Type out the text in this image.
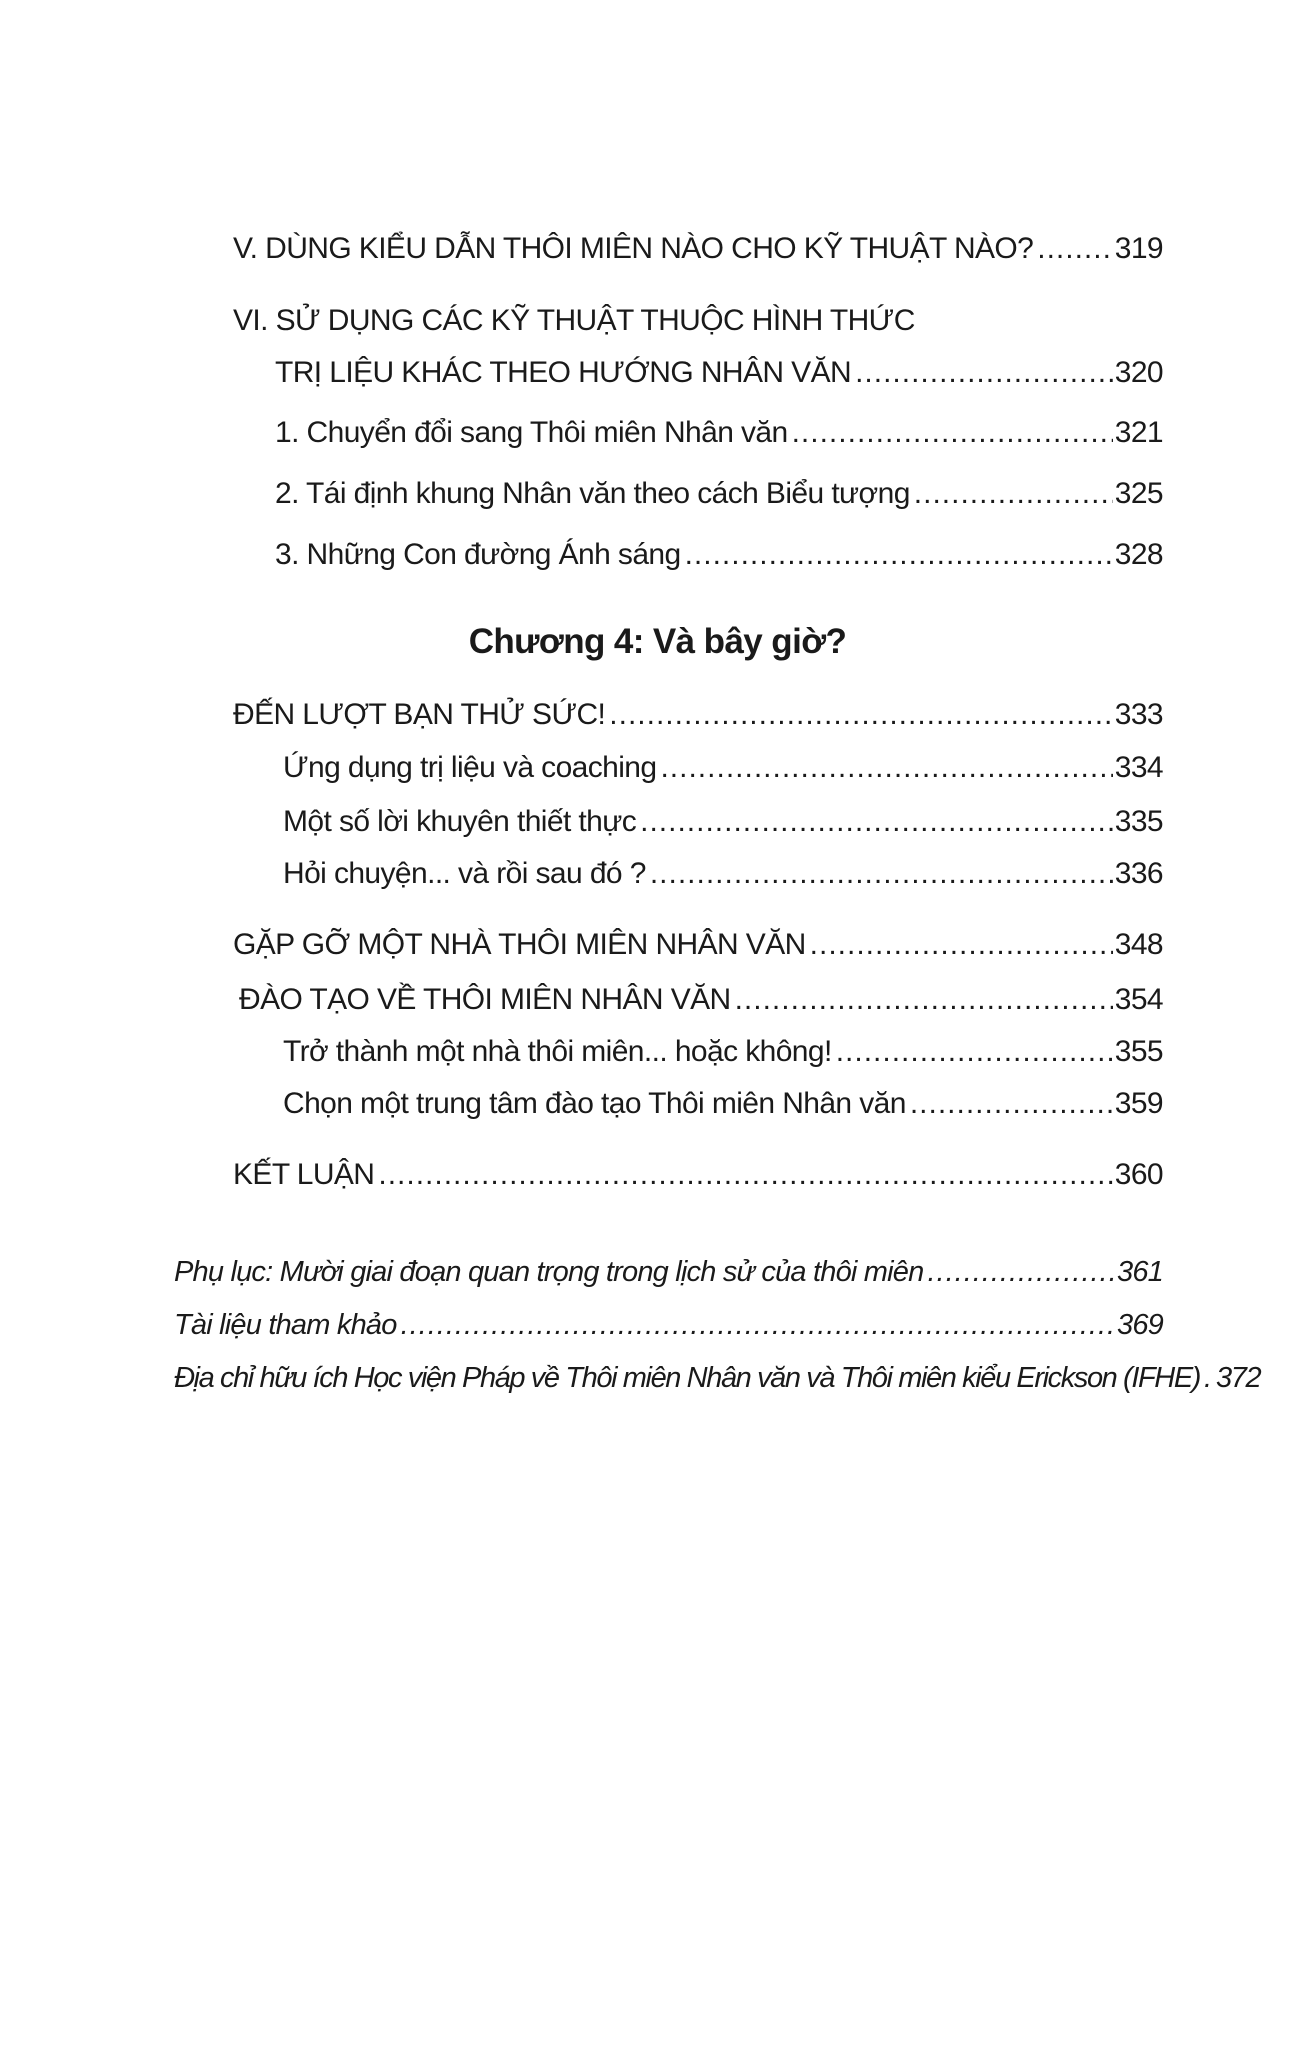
V. DÙNG KIỂU DẪN THÔI MIÊN NÀO CHO KỸ THUẬT NÀO? .....	319
VI. SỬ DỤNG CÁC KỸ THUẬT THUỘC HÌNH THỨC
TRỊ LIỆU KHÁC THEO HƯỚNG NHÂN VĂN .....	320
1. Chuyển đổi sang Thôi miên Nhân văn .....	321
2. Tái định khung Nhân văn theo cách Biểu tượng .....	325
3. Những Con đường Ánh sáng .....	328
Chương 4: Và bây giờ?
ĐẾN LƯỢT BẠN THỬ SỨC! .....	333
Ứng dụng trị liệu và coaching .....	334
Một số lời khuyên thiết thực .....	335
Hỏi chuyện... và rồi sau đó ? .....	336
GẶP GỠ MỘT NHÀ THÔI MIÊN NHÂN VĂN .....	348
ĐÀO TẠO VỀ THÔI MIÊN NHÂN VĂN .....	354
Trở thành một nhà thôi miên... hoặc không! .....	355
Chọn một trung tâm đào tạo Thôi miên Nhân văn .....	359
KẾT LUẬN .....	360
Phụ lục: Mười giai đoạn quan trọng trong lịch sử của thôi miên .....	361
Tài liệu tham khảo .....	369
Địa chỉ hữu ích Học viện Pháp về Thôi miên Nhân văn và Thôi miên kiểu Erickson (IFHE) ..... 372
